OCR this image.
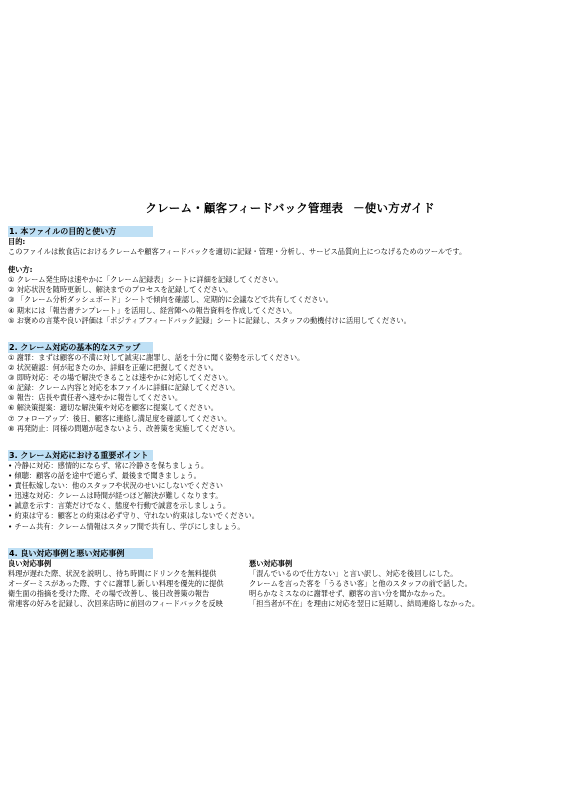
クレーム・顧客フィードバック管理表 －使い方ガイド
1. 本ファイルの目的と使い方
目的:
このファイルは飲食店におけるクレームや顧客フィードバックを適切に記録・管理・分析し、サービス品質向上につなげるためのツールです。
使い方:
① クレーム発生時は速やかに「クレーム記録表」シートに詳細を記録してください。
② 対応状況を随時更新し、解決までのプロセスを記録してください。
③ 「クレーム分析ダッシュボード」シートで傾向を確認し、定期的に会議などで共有してください。
④ 期末には「報告書テンプレート」を活用し、経営陣への報告資料を作成してください。
⑤ お褒めの言葉や良い評価は「ポジティブフィードバック記録」シートに記録し、スタッフの動機付けに活用してください。
2. クレーム対応の基本的なステップ
① 謝罪：まずは顧客の不満に対して誠実に謝罪し、話を十分に聞く姿勢を示してください。
② 状況確認：何が起きたのか、詳細を正確に把握してください。
③ 即時対応：その場で解決できることは速やかに対応してください。
④ 記録：クレーム内容と対応を本ファイルに詳細に記録してください。
⑤ 報告：店長や責任者へ速やかに報告してください。
⑥ 解決策提案：適切な解決策や対応を顧客に提案してください。
⑦ フォローアップ：後日、顧客に連絡し満足度を確認してください。
⑧ 再発防止：同様の問題が起きないよう、改善策を実施してください。
3. クレーム対応における重要ポイント
• 冷静に対応：感情的にならず、常に冷静さを保ちましょう。
• 傾聴：顧客の話を途中で遮らず、最後まで聞きましょう。
• 責任転嫁しない：他のスタッフや状況のせいにしないでください
• 迅速な対応：クレームは時間が経つほど解決が難しくなります。
• 誠意を示す：言葉だけでなく、態度や行動で誠意を示しましょう。
• 約束は守る：顧客との約束は必ず守り、守れない約束はしないでください。
• チーム共有：クレーム情報はスタッフ間で共有し、学びにしましょう。
4. 良い対応事例と悪い対応事例
良い対応事例	悪い対応事例
料理が遅れた際、状況を説明し、待ち時間にドリンクを無料提供	「混んでいるので仕方ない」と言い訳し、対応を後回しにした。
オーダーミスがあった際、すぐに謝罪し新しい料理を優先的に提供	クレームを言った客を「うるさい客」と他のスタッフの前で話した。
衛生面の指摘を受けた際、その場で改善し、後日改善策の報告	明らかなミスなのに謝罪せず、顧客の言い分を聞かなかった。
常連客の好みを記録し、次回来店時に前回のフィードバックを反映	「担当者が不在」を理由に対応を翌日に延期し、結局連絡しなかった。
